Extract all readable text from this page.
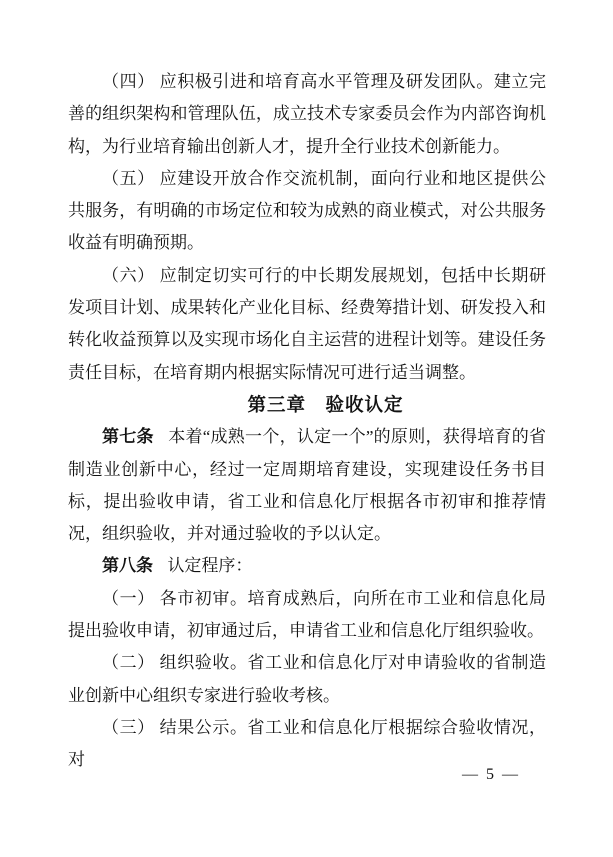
（四） 应积极引进和培育高水平管理及研发团队。建立完善的组织架构和管理队伍，成立技术专家委员会作为内部咨询机构，为行业培育输出创新人才，提升全行业技术创新能力。

（五） 应建设开放合作交流机制，面向行业和地区提供公共服务，有明确的市场定位和较为成熟的商业模式，对公共服务收益有明确预期。

（六） 应制定切实可行的中长期发展规划，包括中长期研发项目计划、成果转化产业化目标、经费筹措计划、研发投入和转化收益预算以及实现市场化自主运营的进程计划等。建设任务责任目标，在培育期内根据实际情况可进行适当调整。

第三章　验收认定

第七条 本着“成熟一个，认定一个”的原则，获得培育的省制造业创新中心，经过一定周期培育建设，实现建设任务书目标，提出验收申请，省工业和信息化厅根据各市初审和推荐情况，组织验收，并对通过验收的予以认定。

第八条 认定程序：

（一） 各市初审。培育成熟后，向所在市工业和信息化局提出验收申请，初审通过后，申请省工业和信息化厅组织验收。

（二） 组织验收。省工业和信息化厅对申请验收的省制造业创新中心组织专家进行验收考核。

（三） 结果公示。省工业和信息化厅根据综合验收情况，对

— 5 —
